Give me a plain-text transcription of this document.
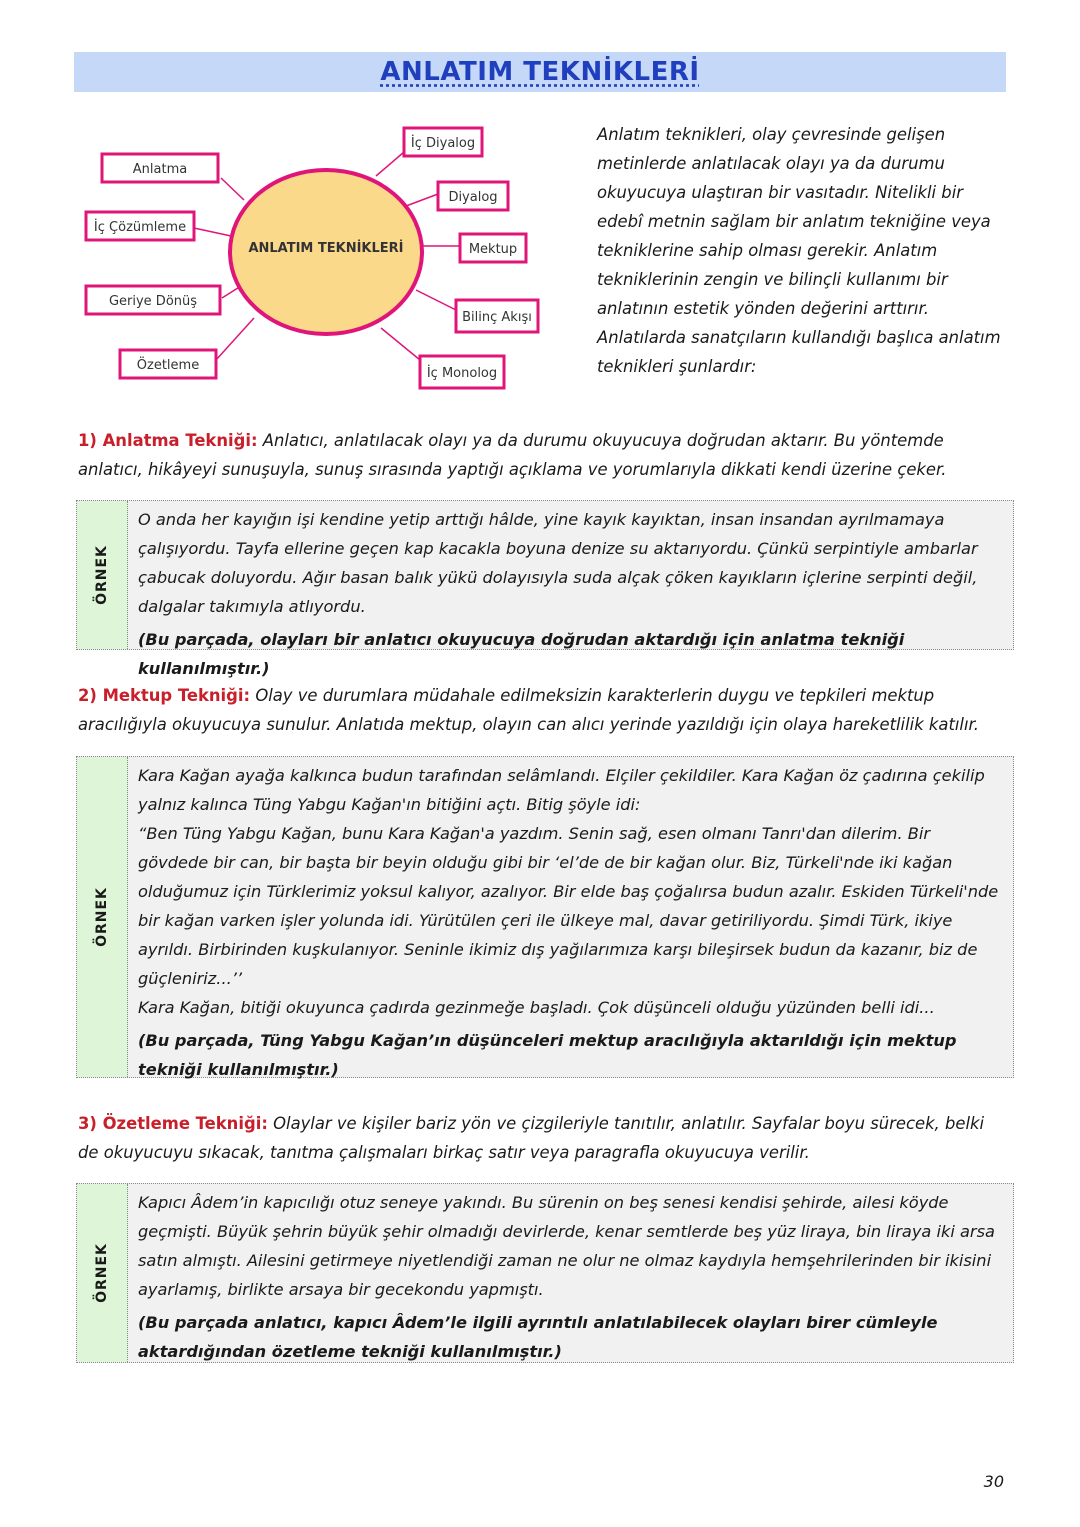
ANLATIM TEKNİKLERİ
ANLATIM TEKNİKLERİ
Anlatma
İç Çözümleme
Geriye Dönüş
Özetleme
İç Diyalog
Diyalog
Mektup
Bilinç Akışı
İç Monolog
Anlatım teknikleri, olay çevresinde gelişen metinlerde anlatılacak olayı ya da durumu okuyucuya ulaştıran bir vasıtadır. Nitelikli bir edebî metnin sağlam bir anlatım tekniğine veya tekniklerine sahip olması gerekir. Anlatım tekniklerinin zengin ve bilinçli kullanımı bir anlatının estetik yönden değerini arttırır. Anlatılarda sanatçıların kullandığı başlıca anlatım teknikleri şunlardır:
1) Anlatma Tekniği: Anlatıcı, anlatılacak olayı ya da durumu okuyucuya doğrudan aktarır. Bu yöntemde anlatıcı, hikâyeyi sunuşuyla, sunuş sırasında yaptığı açıklama ve yorumlarıyla dikkati kendi üzerine çeker.
ÖRNEK

O anda her kayığın işi kendine yetip arttığı hâlde, yine kayık kayıktan, insan insandan ayrılmamaya çalışıyordu. Tayfa ellerine geçen kap kacakla boyuna denize su aktarıyordu. Çünkü serpintiyle ambarlar çabucak doluyordu. Ağır basan balık yükü dolayısıyla suda alçak çöken kayıkların içlerine serpinti değil, dalgalar takımıyla atlıyordu.

(Bu parçada, olayları bir anlatıcı okuyucuya doğrudan aktardığı için anlatma tekniği kullanılmıştır.)

2) Mektup Tekniği: Olay ve durumlara müdahale edilmeksizin karakterlerin duygu ve tepkileri mektup aracılığıyla okuyucuya sunulur. Anlatıda mektup, olayın can alıcı yerinde yazıldığı için olaya hareketlilik katılır.
ÖRNEK

Kara Kağan ayağa kalkınca budun tarafından selâmlandı. Elçiler çekildiler. Kara Kağan öz çadırına çekilip yalnız kalınca Tüng Yabgu Kağan'ın bitiğini açtı. Bitig şöyle idi:

“Ben Tüng Yabgu Kağan, bunu Kara Kağan'a yazdım. Senin sağ, esen olmanı Tanrı'dan dilerim. Bir gövdede bir can, bir başta bir beyin olduğu gibi bir ‘el’de de bir kağan olur. Biz, Türkeli'nde iki kağan olduğumuz için Türklerimiz yoksul kalıyor, azalıyor. Bir elde baş çoğalırsa budun azalır. Eskiden Türkeli'nde bir kağan varken işler yolunda idi. Yürütülen çeri ile ülkeye mal, davar getiriliyordu. Şimdi Türk, ikiye ayrıldı. Birbirinden kuşkulanıyor. Seninle ikimiz dış yağılarımıza karşı bileşirsek budun da kazanır, biz de güçleniriz...’’

Kara Kağan, bitiği okuyunca çadırda gezinmeğe başladı. Çok düşünceli olduğu yüzünden belli idi...

(Bu parçada, Tüng Yabgu Kağan’ın düşünceleri mektup aracılığıyla aktarıldığı için mektup tekniği kullanılmıştır.)

3) Özetleme Tekniği: Olaylar ve kişiler bariz yön ve çizgileriyle tanıtılır, anlatılır. Sayfalar boyu sürecek, belki de okuyucuyu sıkacak, tanıtma çalışmaları birkaç satır veya paragrafla okuyucuya verilir.
ÖRNEK

Kapıcı Âdem’in kapıcılığı otuz seneye yakındı. Bu sürenin on beş senesi kendisi şehirde, ailesi köyde geçmişti. Büyük şehrin büyük şehir olmadığı devirlerde, kenar semtlerde beş yüz liraya, bin liraya iki arsa satın almıştı. Ailesini getirmeye niyetlendiği zaman ne olur ne olmaz kaydıyla hemşehrilerinden bir ikisini ayarlamış, birlikte arsaya bir gecekondu yapmıştı.

(Bu parçada anlatıcı, kapıcı Âdem’le ilgili ayrıntılı anlatılabilecek olayları birer cümleyle aktardığından özetleme tekniği kullanılmıştır.)

30
